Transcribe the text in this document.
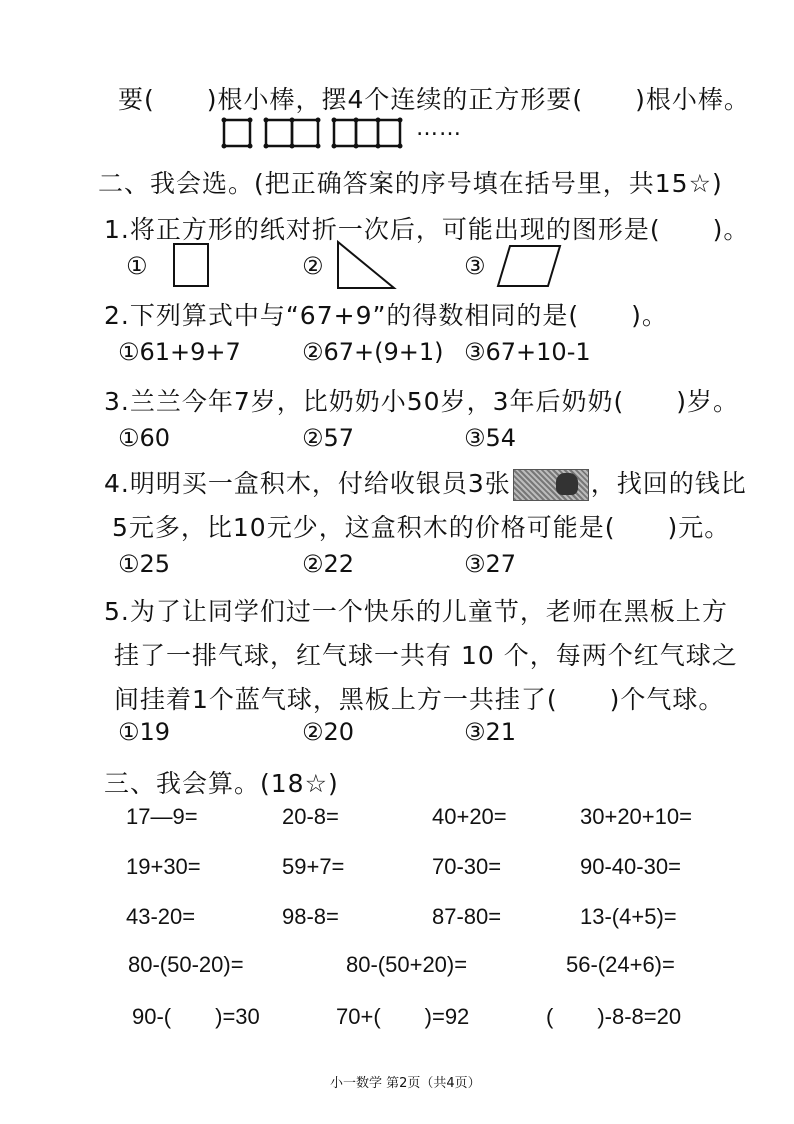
要(　　)根小棒，摆4个连续的正方形要(　　)根小棒。
……
二、我会选。(把正确答案的序号填在括号里，共15☆)
1.将正方形的纸对折一次后，可能出现的图形是(　　)。
①	②	③
2.下列算式中与“67+9”的得数相同的是(　　)。
①61+9+7	②67+(9+1) ③67+10-1
3.兰兰今年7岁，比奶奶小50岁，3年后奶奶(　　)岁。
①60	②57	③54
4.明明买一盒积木，付给收银员3张	，找回的钱比
5元多，比10元少，这盒积木的价格可能是(　　)元。
①25	②22	③27
5.为了让同学们过一个快乐的儿童节，老师在黑板上方
挂了一排气球，红气球一共有 10 个，每两个红气球之
间挂着1个蓝气球，黑板上方一共挂了(　　)个气球。
①19	②20	③21
三、我会算。(18☆)
17—9=	20-8=	40+20=	30+20+10=
19+30=	59+7=	70-30=	90-40-30=
43-20=	98-8=	87-80=	13-(4+5)=
80-(50-20)=	80-(50+20)=	56-(24+6)=
90-(　　)=30	70+(　　)=92	(　　)-8-8=20
小一数学 第2页（共4页）
